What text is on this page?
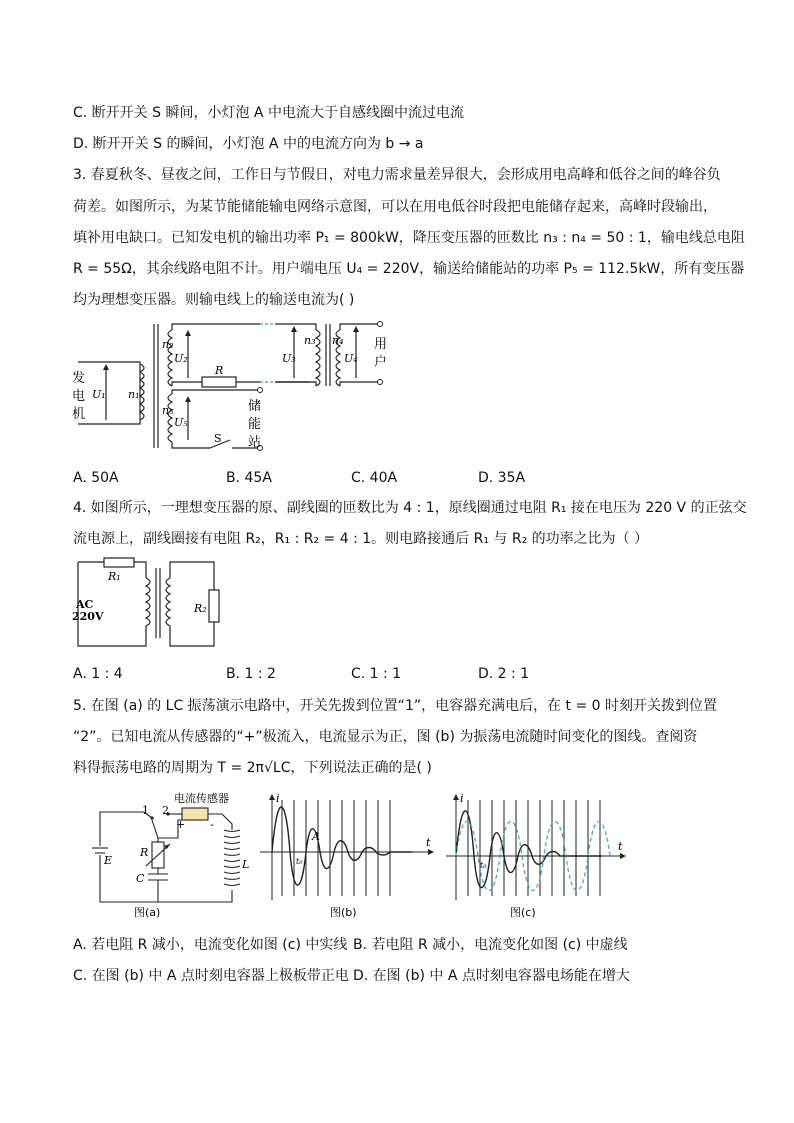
C. 断开开关 S 瞬间，小灯泡 A 中电流大于自感线圈中流过电流
D. 断开开关 S 的瞬间，小灯泡 A 中的电流方向为 b → a
3. 春夏秋冬、昼夜之间，工作日与节假日，对电力需求量差异很大，会形成用电高峰和低谷之间的峰谷负
荷差。如图所示，为某节能储能输电网络示意图，可以在用电低谷时段把电能储存起来，高峰时段输出，
填补用电缺口。已知发电机的输出功率 P₁ = 800kW，降压变压器的匝数比 n₃ : n₄ = 50 : 1，输电线总电阻
R = 55Ω，其余线路电阻不计。用户端电压 U₄ = 220V，输送给储能站的功率 P₅ = 112.5kW，所有变压器
均为理想变压器。则输电线上的输送电流为( )
发
电
机
用
户
储
能
站
n₁
n₂
n₅
n₃ n₄
U₁
U₂
U₅
U₃	U₄
R
S
A. 50A	B. 45A	C. 40A	D. 35A
4. 如图所示，一理想变压器的原、副线圈的匝数比为 4 : 1，原线圈通过电阻 R₁ 接在电压为 220 V 的正弦交
流电源上，副线圈接有电阻 R₂，R₁ : R₂ = 4 : 1。则电路接通后 R₁ 与 R₂ 的功率之比为（ ）
R₁
R₂
AC
220V
A. 1 : 4	B. 1 : 2	C. 1 : 1	D. 2 : 1
5. 在图 (a) 的 LC 振荡演示电路中，开关先拨到位置“1”，电容器充满电后，在 t = 0 时刻开关拨到位置
“2”。已知电流从传感器的“+”极流入，电流显示为正，图 (b) 为振荡电流随时间变化的图线。查阅资
料得振荡电路的周期为 T = 2π√LC，下列说法正确的是( )
电流传感器
1 2
+ -
E
R
C
L
图(a)
i
t
A
t₀
图(b)
i
t
t₀
图(c)
A. 若电阻 R 减小，电流变化如图 (c) 中实线 B. 若电阻 R 减小，电流变化如图 (c) 中虚线
C. 在图 (b) 中 A 点时刻电容器上极板带正电 D. 在图 (b) 中 A 点时刻电容器电场能在增大
